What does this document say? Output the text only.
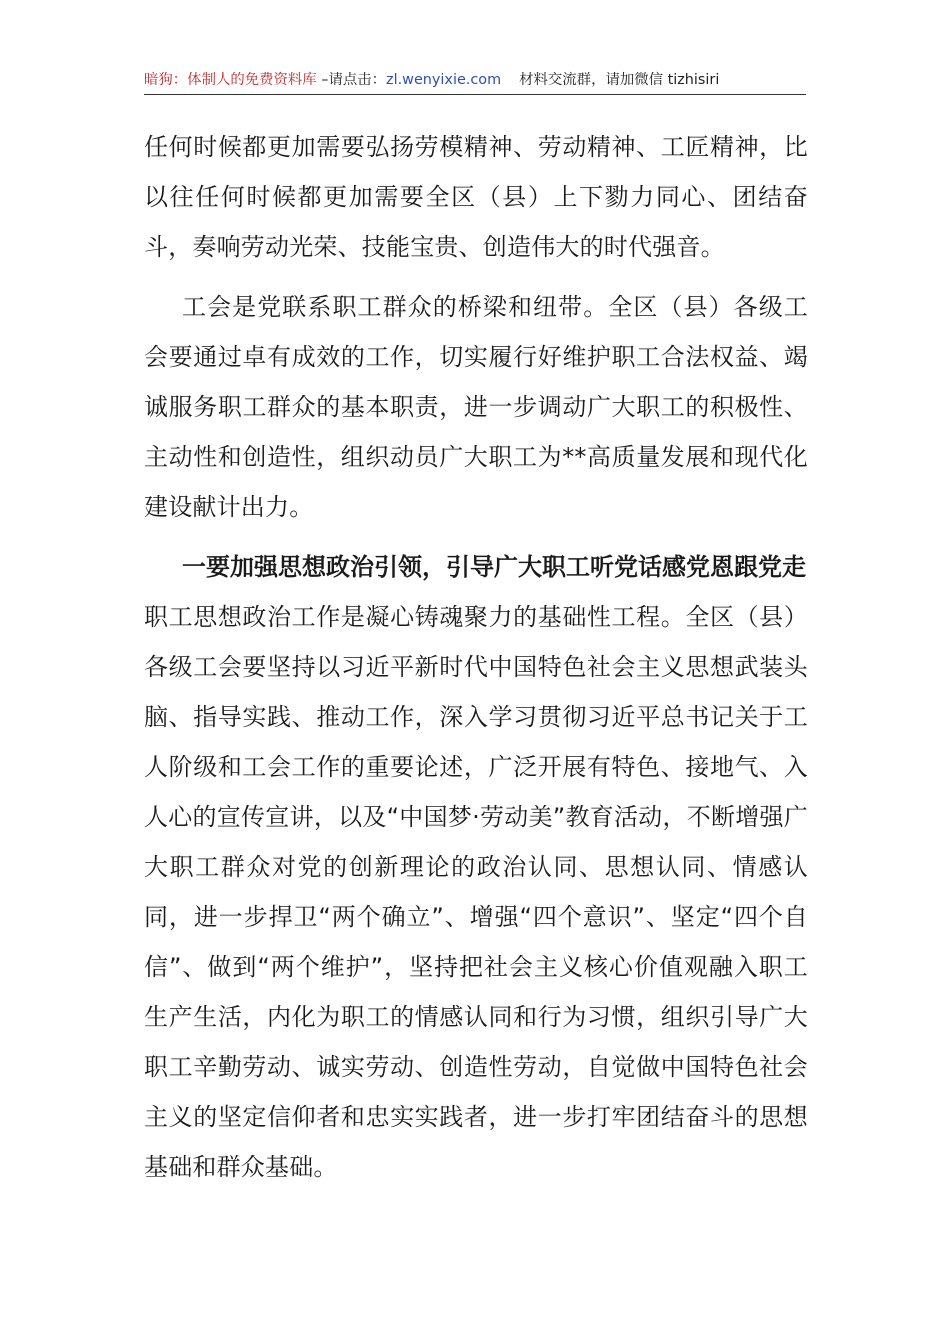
暗狗：体制人的免费资料库 –请点击：zl.wenyixie.com 材料交流群，请加微信 tizhisiri

任何时候都更加需要弘扬劳模精神、劳动精神、工匠精神，比以往任何时候都更加需要全区（县）上下勠力同心、团结奋斗，奏响劳动光荣、技能宝贵、创造伟大的时代强音。

工会是党联系职工群众的桥梁和纽带。全区（县）各级工会要通过卓有成效的工作，切实履行好维护职工合法权益、竭诚服务职工群众的基本职责，进一步调动广大职工的积极性、主动性和创造性，组织动员广大职工为**高质量发展和现代化建设献计出力。

一要加强思想政治引领，引导广大职工听党话感党恩跟党走

职工思想政治工作是凝心铸魂聚力的基础性工程。全区（县）各级工会要坚持以习近平新时代中国特色社会主义思想武装头脑、指导实践、推动工作，深入学习贯彻习近平总书记关于工人阶级和工会工作的重要论述，广泛开展有特色、接地气、入人心的宣传宣讲，以及“中国梦·劳动美”教育活动，不断增强广大职工群众对党的创新理论的政治认同、思想认同、情感认同，进一步捍卫“两个确立”、增强“四个意识”、坚定“四个自信”、做到“两个维护”，坚持把社会主义核心价值观融入职工生产生活，内化为职工的情感认同和行为习惯，组织引导广大职工辛勤劳动、诚实劳动、创造性劳动，自觉做中国特色社会主义的坚定信仰者和忠实实践者，进一步打牢团结奋斗的思想基础和群众基础。
